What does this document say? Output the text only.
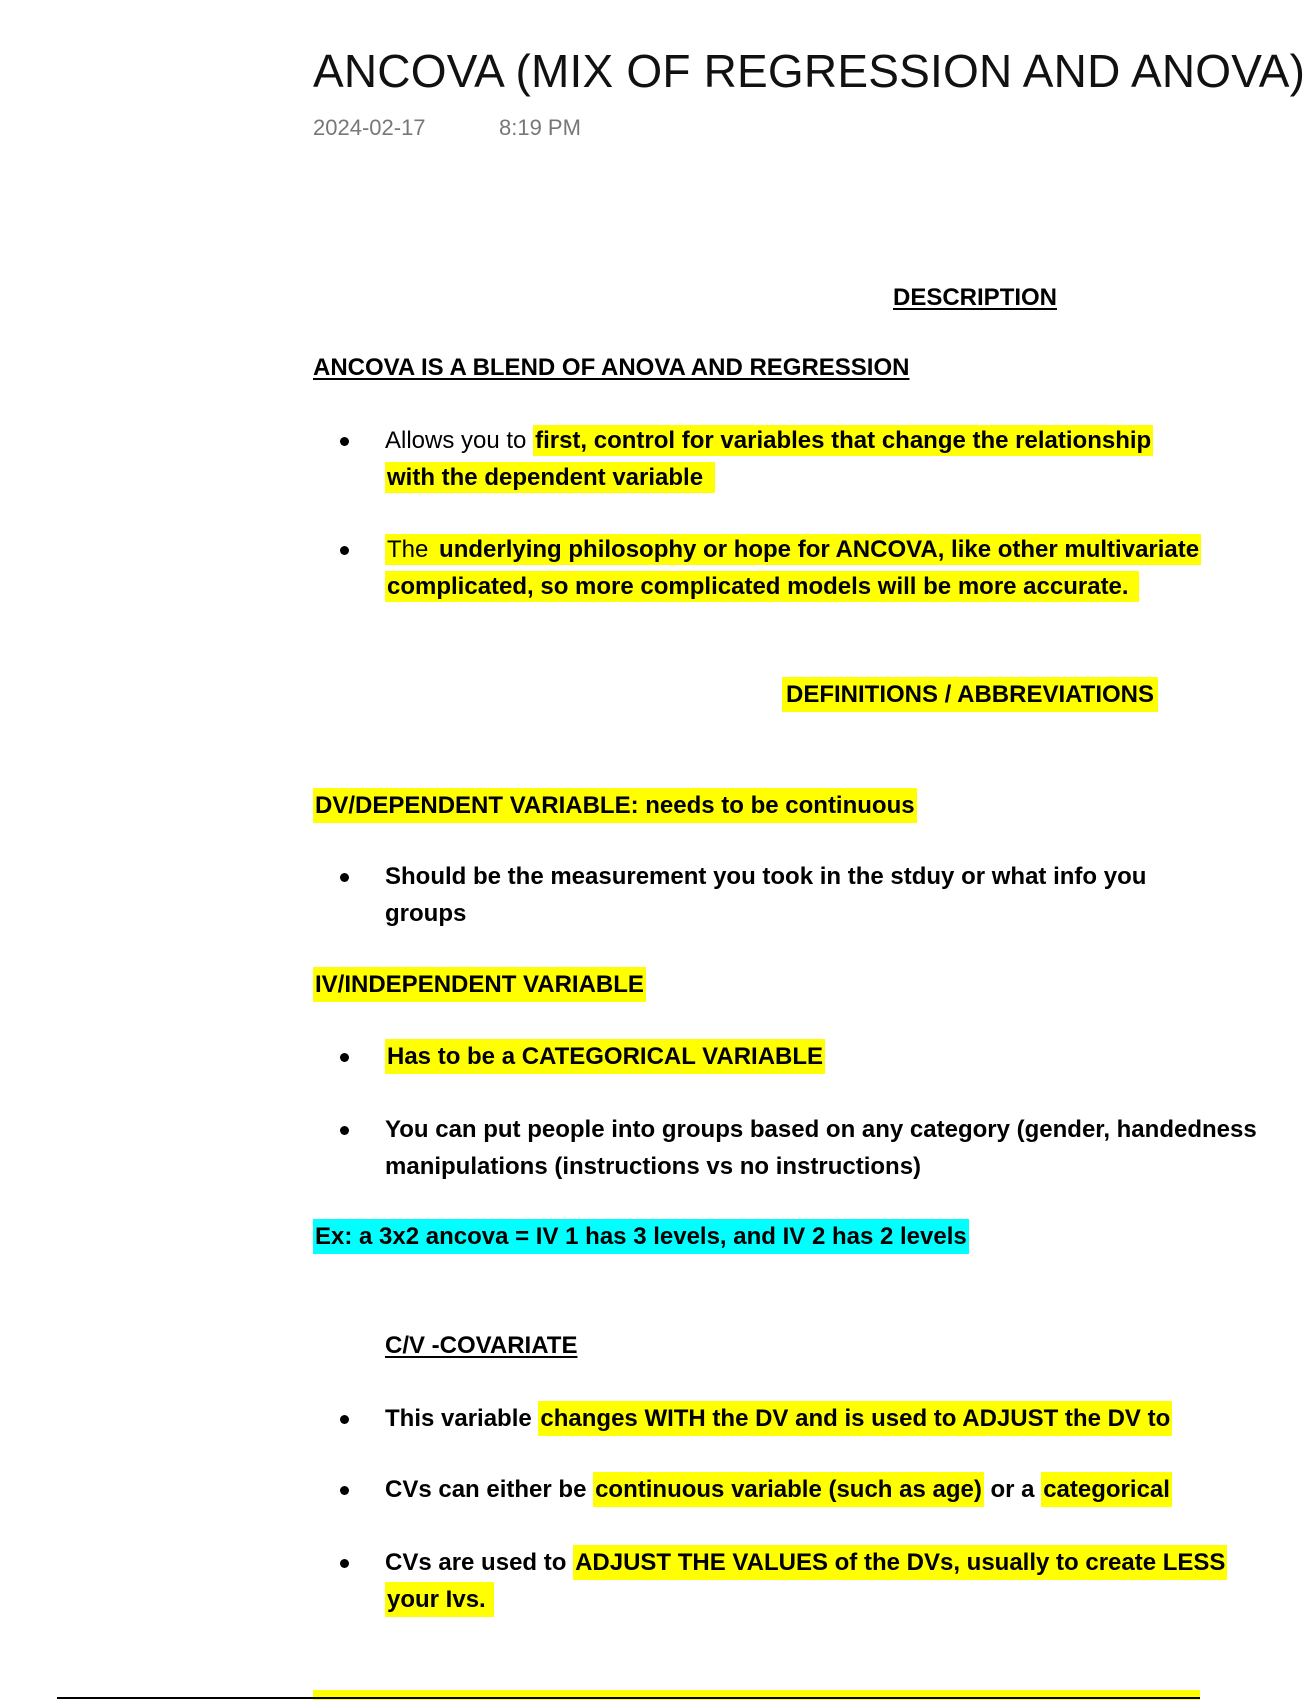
ANCOVA (MIX OF REGRESSION AND ANOVA)
2024-02-17	8:19 PM
DESCRIPTION
ANCOVA IS A BLEND OF ANOVA AND REGRESSION
Allows you to first, control for variables that change the relationship
with the dependent variable
The underlying philosophy or hope for ANCOVA, like other multivariate
complicated, so more complicated models will be more accurate.
DEFINITIONS / ABBREVIATIONS
DV/DEPENDENT VARIABLE: needs to be continuous
Should be the measurement you took in the stduy or what info you
groups
IV/INDEPENDENT VARIABLE
Has to be a CATEGORICAL VARIABLE
You can put people into groups based on any category (gender, handedness
manipulations (instructions vs no instructions)
Ex: a 3x2 ancova = IV 1 has 3 levels, and IV 2 has 2 levels
C/V -COVARIATE
This variable changes WITH the DV and is used to ADJUST the DV to
CVs can either be continuous variable (such as age) or a categorical
CVs are used to ADJUST THE VALUES of the DVs, usually to create LESS
your Ivs.
